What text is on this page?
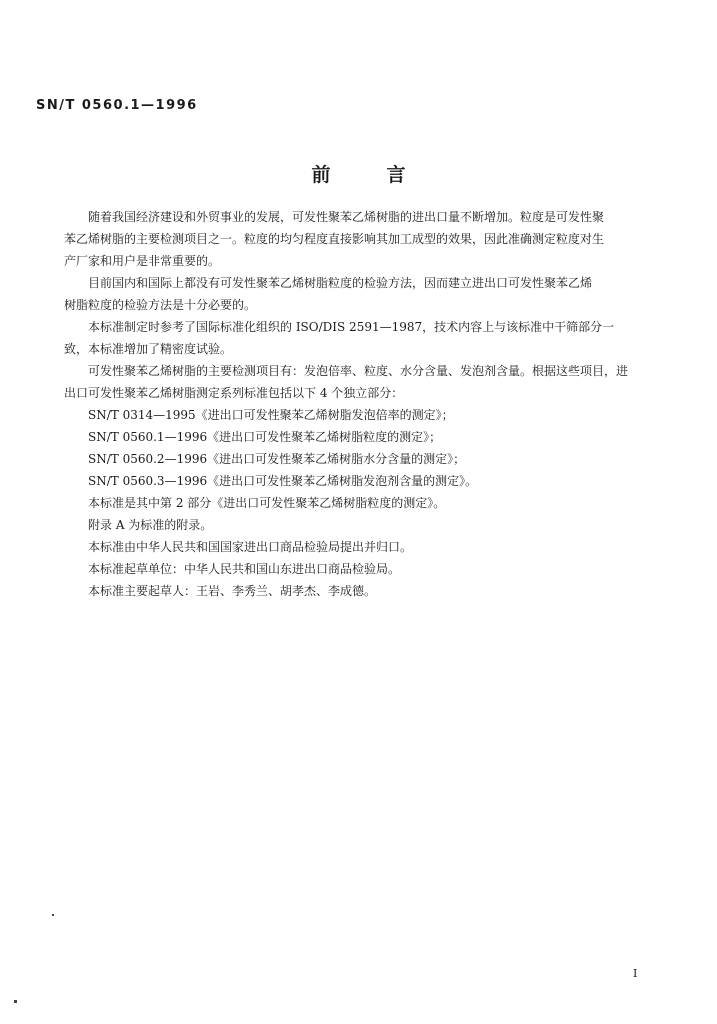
SN/T 0560.1—1996
前	言
随着我国经济建设和外贸事业的发展，可发性聚苯乙烯树脂的进出口量不断增加。粒度是可发性聚
苯乙烯树脂的主要检测项目之一。粒度的均匀程度直接影响其加工成型的效果，因此准确测定粒度对生
产厂家和用户是非常重要的。
目前国内和国际上都没有可发性聚苯乙烯树脂粒度的检验方法，因而建立进出口可发性聚苯乙烯
树脂粒度的检验方法是十分必要的。
本标准制定时参考了国际标准化组织的 ISO/DIS 2591—1987，技术内容上与该标准中干筛部分一
致，本标准增加了精密度试验。
可发性聚苯乙烯树脂的主要检测项目有：发泡倍率、粒度、水分含量、发泡剂含量。根据这些项目，进
出口可发性聚苯乙烯树脂测定系列标准包括以下 4 个独立部分：
SN/T 0314—1995《进出口可发性聚苯乙烯树脂发泡倍率的测定》；
SN/T 0560.1—1996《进出口可发性聚苯乙烯树脂粒度的测定》；
SN/T 0560.2—1996《进出口可发性聚苯乙烯树脂水分含量的测定》；
SN/T 0560.3—1996《进出口可发性聚苯乙烯树脂发泡剂含量的测定》。
本标准是其中第 2 部分《进出口可发性聚苯乙烯树脂粒度的测定》。
附录 A 为标准的附录。
本标准由中华人民共和国国家进出口商品检验局提出并归口。
本标准起草单位：中华人民共和国山东进出口商品检验局。
本标准主要起草人：王岩、李秀兰、胡孝杰、李成德。
I
